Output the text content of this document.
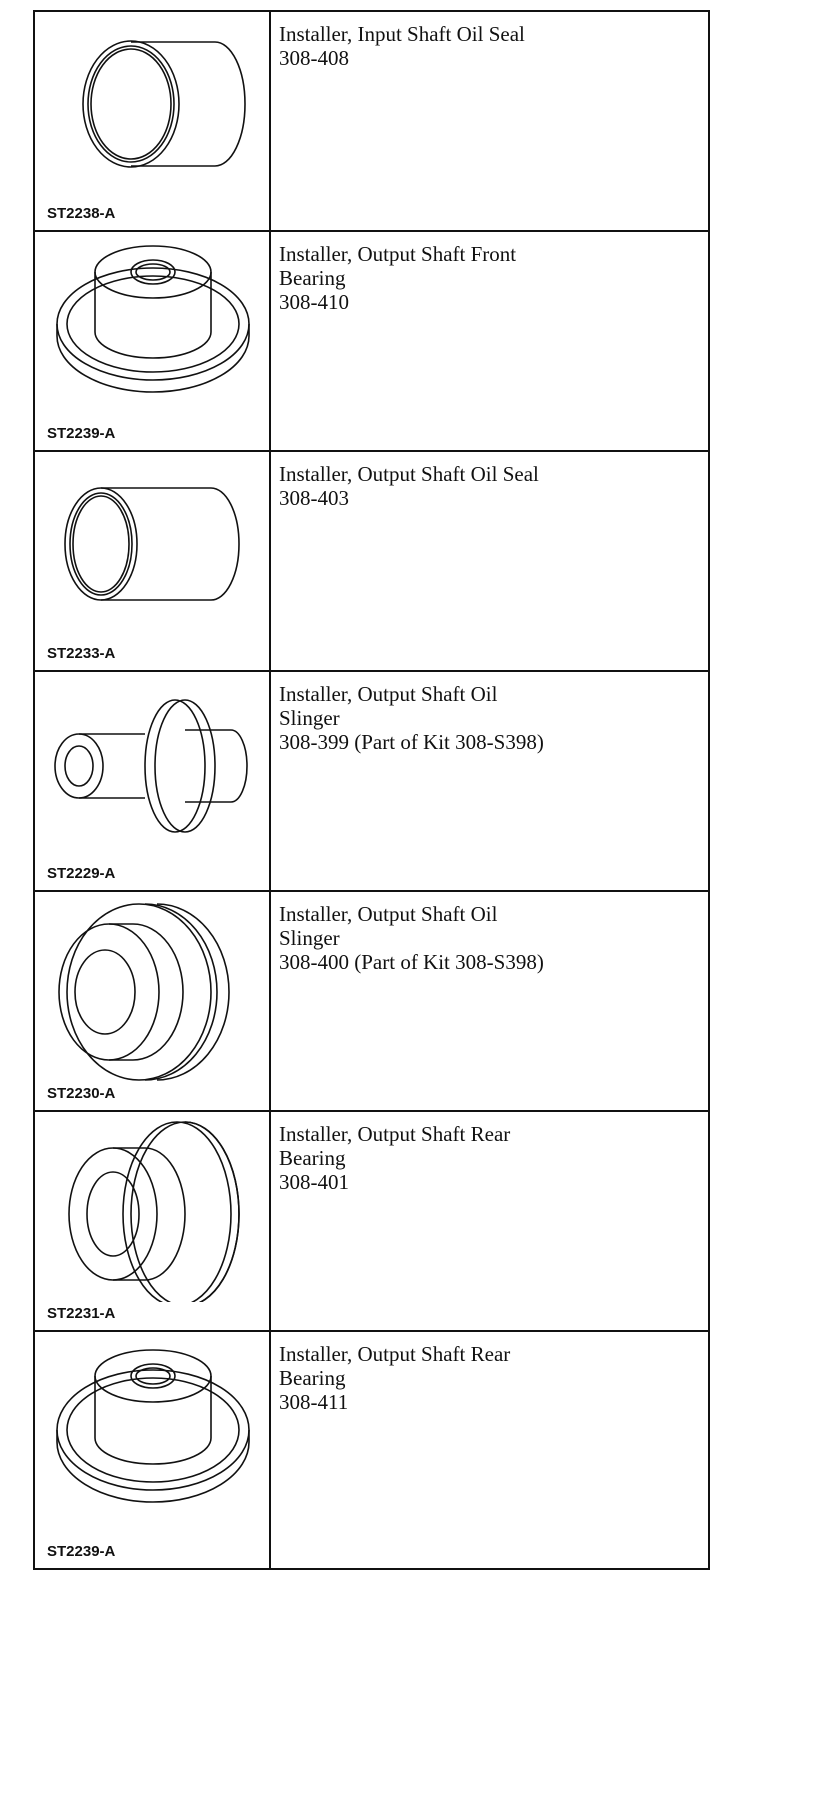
ST2238-A
Installer, Input Shaft Oil Seal
308-408
ST2239-A
Installer, Output Shaft Front
Bearing
308-410
ST2233-A
Installer, Output Shaft Oil Seal
308-403
ST2229-A
Installer, Output Shaft Oil
Slinger
308-399 (Part of Kit 308-S398)
ST2230-A
Installer, Output Shaft Oil
Slinger
308-400 (Part of Kit 308-S398)
ST2231-A
Installer, Output Shaft Rear
Bearing
308-401
ST2239-A
Installer, Output Shaft Rear
Bearing
308-411
